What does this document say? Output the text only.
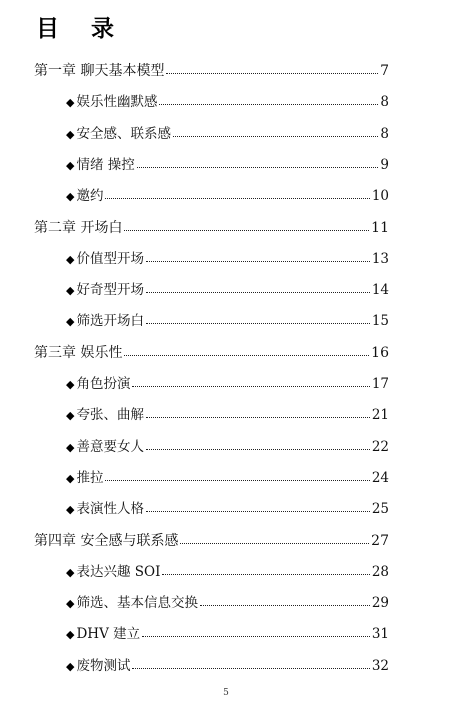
目 录
第一章 聊天基本模型	7
◆ 娱乐性幽默感	8
◆ 安全感、联系感	8
◆ 情绪 操控	9
◆ 邀约	10
第二章 开场白	11
◆ 价值型开场	13
◆ 好奇型开场	14
◆ 筛选开场白	15
第三章 娱乐性	16
◆ 角色扮演	17
◆ 夸张、曲解	21
◆ 善意要女人	22
◆ 推拉	24
◆ 表演性人格	25
第四章 安全感与联系感	27
◆ 表达兴趣 SOI	28
◆ 筛选、基本信息交换	29
◆ DHV 建立	31
◆ 废物测试	32
5
